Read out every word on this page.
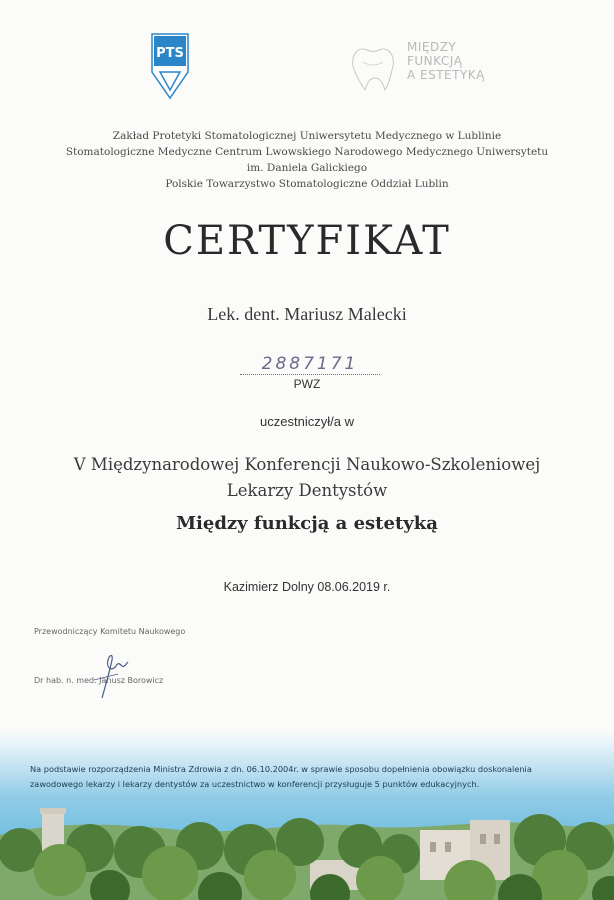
PTS	MIĘDZY
FUNKCJĄ
A ESTETYKĄ
Zakład Protetyki Stomatologicznej Uniwersytetu Medycznego w Lublinie
Stomatologiczne Medyczne Centrum Lwowskiego Narodowego Medycznego Uniwersytetu
im. Daniela Galickiego
Polskie Towarzystwo Stomatologiczne Oddział Lublin
CERTYFIKAT
Lek. dent. Mariusz Malecki
2887171
PWZ
uczestniczył/a w
V Międzynarodowej Konferencji Naukowo-Szkoleniowej
Lekarzy Dentystów
Między funkcją a estetyką
Kazimierz Dolny 08.06.2019 r.
Przewodniczący Komitetu Naukowego
Dr hab. n. med. Janusz Borowicz
Na podstawie rozporządzenia Ministra Zdrowia z dn. 06.10.2004r. w sprawie sposobu dopełnienia obowiązku doskonalenia
zawodowego lekarzy i lekarzy dentystów za uczestnictwo w konferencji przysługuje 5 punktów edukacyjnych.
